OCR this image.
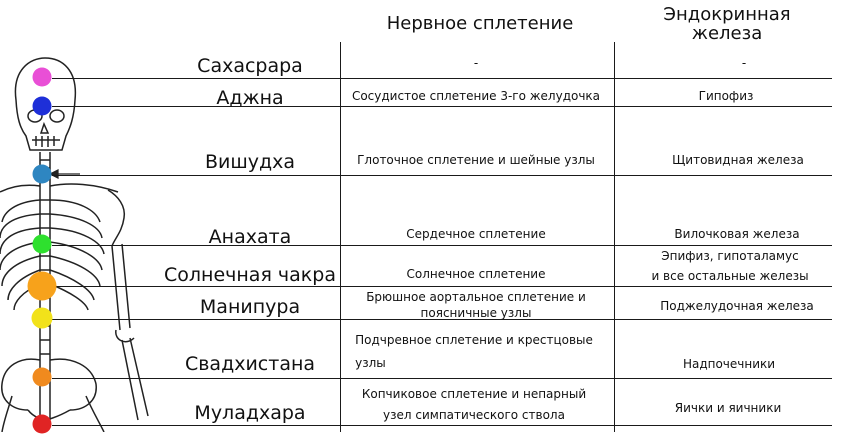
Нервное сплетение	Эндокринная
железа
Сахасрара
Аджна
Вишудха
Анахата
Солнечная чакра
Манипура
Свадхистана
Муладхара
-
Сосудистое сплетение 3-го желудочка
Глоточное сплетение и шейные узлы
Сердечное сплетение
Солнечное сплетение
Брюшное аортальное сплетение и
поясничные узлы
Подчревное сплетение и крестцовые
узлы
Копчиковое сплетение и непарный
узел симпатического ствола
-
Гипофиз
Щитовидная железа
Вилочковая железа
Эпифиз, гипоталамус
и все остальные железы
Поджелудочная железа
Надпочечники
Яички и яичники
